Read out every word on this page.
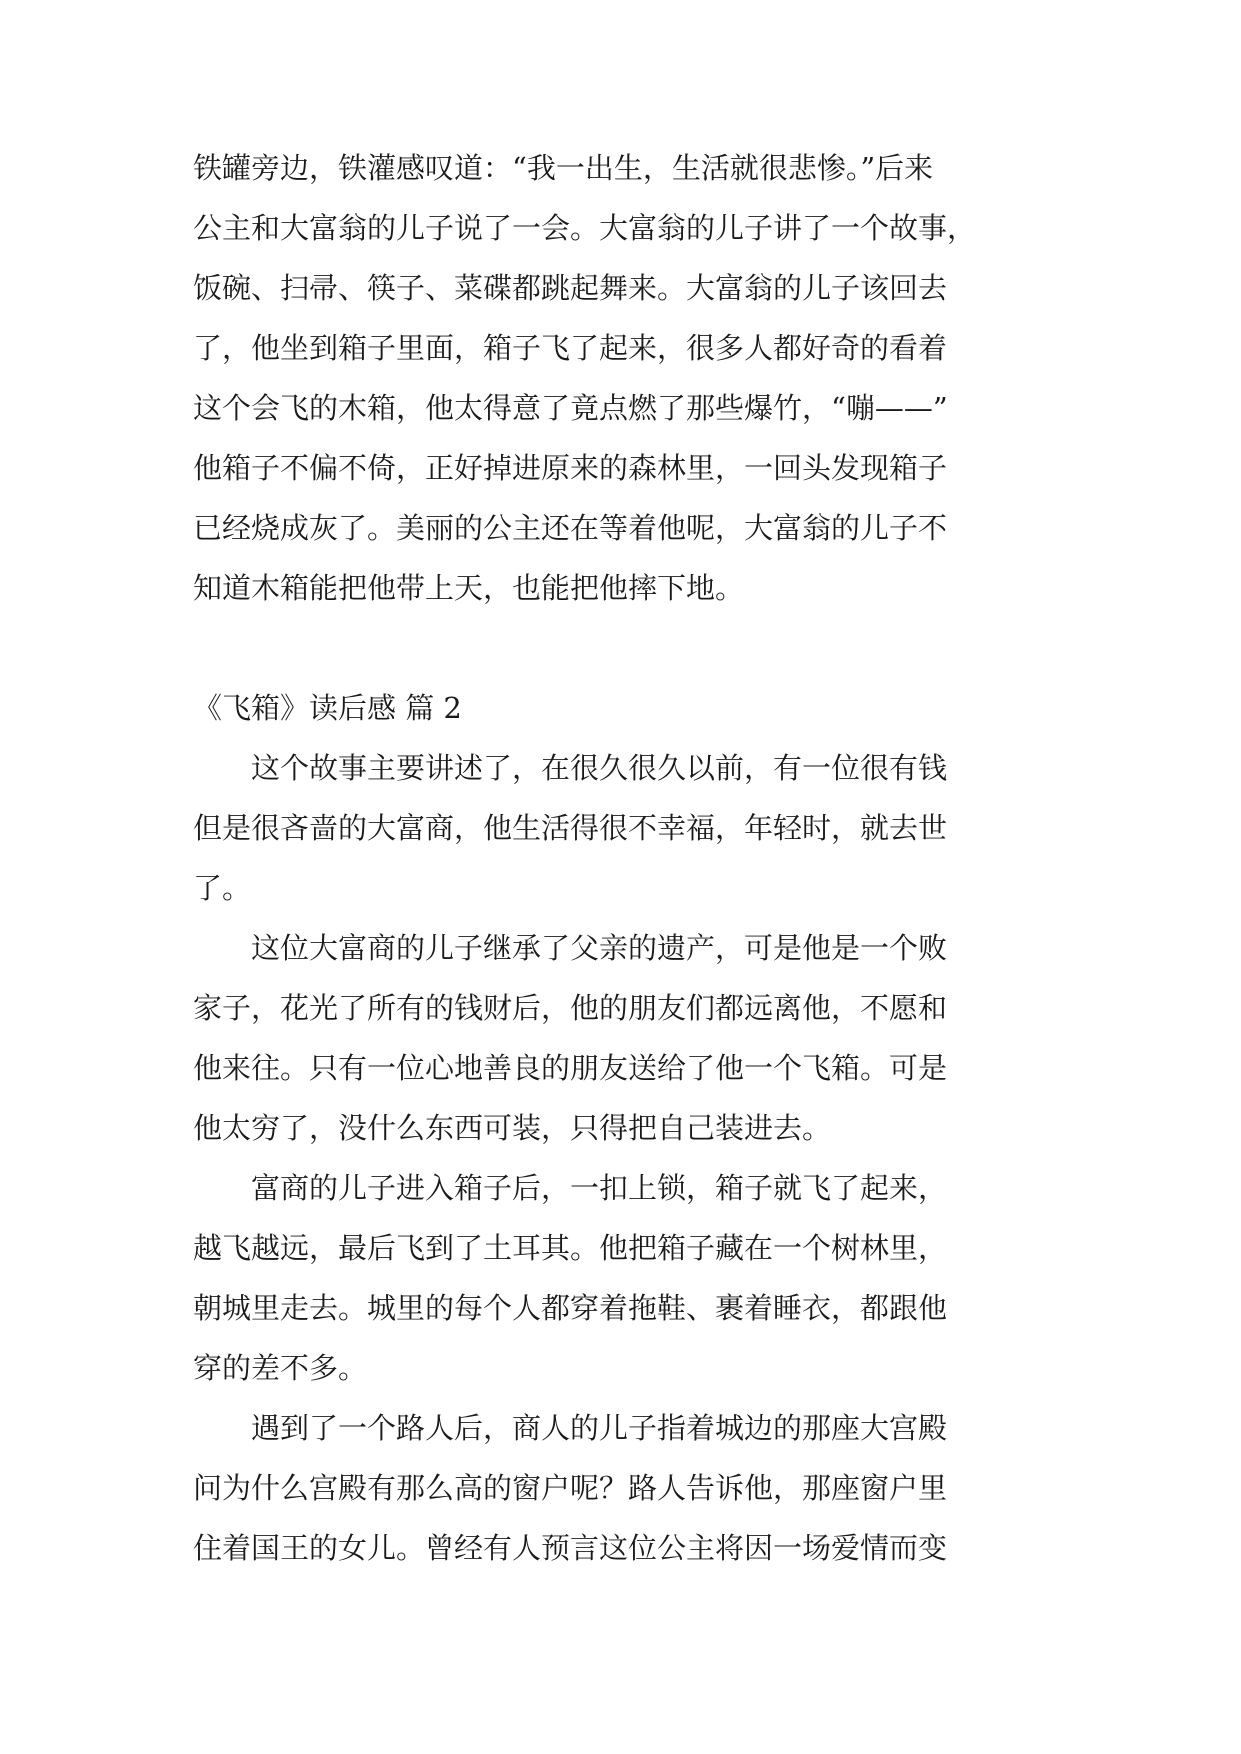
铁罐旁边，铁灌感叹道：“我一出生，生活就很悲惨。”后来
公主和大富翁的儿子说了一会。大富翁的儿子讲了一个故事，
饭碗、扫帚、筷子、菜碟都跳起舞来。大富翁的儿子该回去
了，他坐到箱子里面，箱子飞了起来，很多人都好奇的看着
这个会飞的木箱，他太得意了竟点燃了那些爆竹，“嘣——”
他箱子不偏不倚，正好掉进原来的森林里，一回头发现箱子
已经烧成灰了。美丽的公主还在等着他呢，大富翁的儿子不
知道木箱能把他带上天，也能把他摔下地。
《飞箱》读后感 篇 2
这个故事主要讲述了，在很久很久以前，有一位很有钱
但是很吝啬的大富商，他生活得很不幸福，年轻时，就去世
了。
这位大富商的儿子继承了父亲的遗产，可是他是一个败
家子，花光了所有的钱财后，他的朋友们都远离他，不愿和
他来往。只有一位心地善良的朋友送给了他一个飞箱。可是
他太穷了，没什么东西可装，只得把自己装进去。
富商的儿子进入箱子后，一扣上锁，箱子就飞了起来，
越飞越远，最后飞到了土耳其。他把箱子藏在一个树林里，
朝城里走去。城里的每个人都穿着拖鞋、裹着睡衣，都跟他
穿的差不多。
遇到了一个路人后，商人的儿子指着城边的那座大宫殿
问为什么宫殿有那么高的窗户呢？路人告诉他，那座窗户里
住着国王的女儿。曾经有人预言这位公主将因一场爱情而变
